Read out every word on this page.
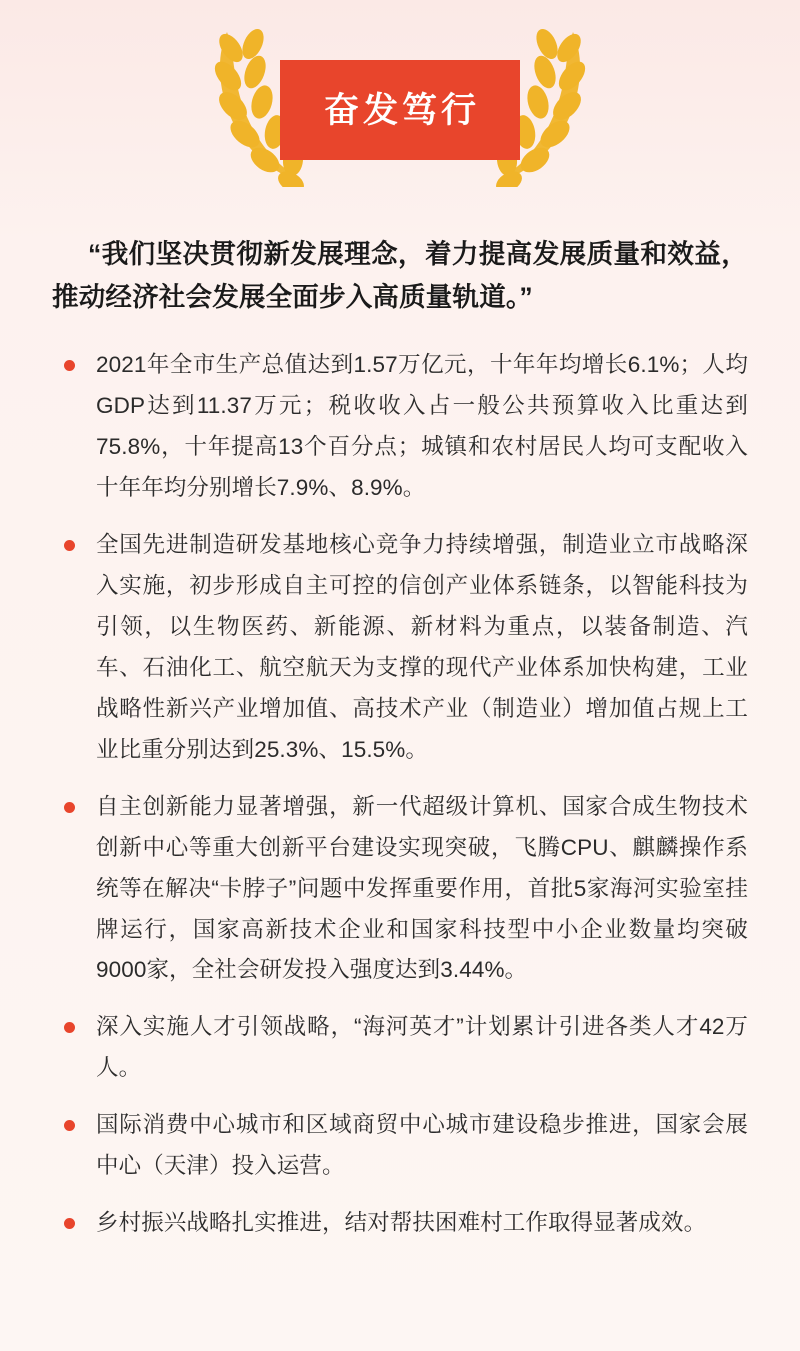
奋发笃行

“我们坚决贯彻新发展理念，着力提高发展质量和效益，推动经济社会发展全面步入高质量轨道。”

2021年全市生产总值达到1.57万亿元，十年年均增长6.1%；人均GDP达到11.37万元；税收收入占一般公共预算收入比重达到75.8%，十年提高13个百分点；城镇和农村居民人均可支配收入十年年均分别增长7.9%、8.9%。
全国先进制造研发基地核心竞争力持续增强，制造业立市战略深入实施，初步形成自主可控的信创产业体系链条，以智能科技为引领，以生物医药、新能源、新材料为重点，以装备制造、汽车、石油化工、航空航天为支撑的现代产业体系加快构建，工业战略性新兴产业增加值、高技术产业（制造业）增加值占规上工业比重分别达到25.3%、15.5%。
自主创新能力显著增强，新一代超级计算机、国家合成生物技术创新中心等重大创新平台建设实现突破，飞腾CPU、麒麟操作系统等在解决“卡脖子”问题中发挥重要作用，首批5家海河实验室挂牌运行，国家高新技术企业和国家科技型中小企业数量均突破9000家，全社会研发投入强度达到3.44%。
深入实施人才引领战略，“海河英才”计划累计引进各类人才42万人。
国际消费中心城市和区域商贸中心城市建设稳步推进，国家会展中心（天津）投入运营。
乡村振兴战略扎实推进，结对帮扶困难村工作取得显著成效。
